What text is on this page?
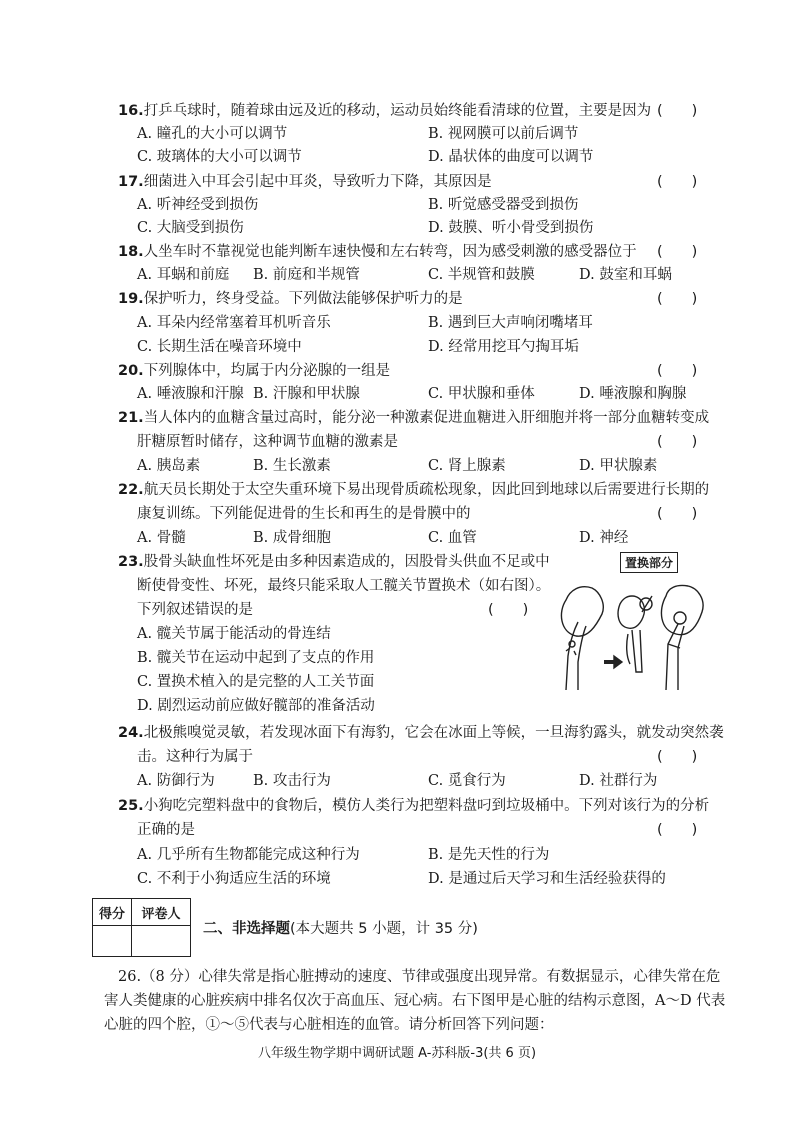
16.打乒乓球时，随着球由远及近的移动，运动员始终能看清球的位置，主要是因为 (　　)
A. 瞳孔的大小可以调节	B. 视网膜可以前后调节
C. 玻璃体的大小可以调节	D. 晶状体的曲度可以调节
17.细菌进入中耳会引起中耳炎，导致听力下降，其原因是	(　　)
A. 听神经受到损伤	B. 听觉感受器受到损伤
C. 大脑受到损伤	D. 鼓膜、听小骨受到损伤
18.人坐车时不靠视觉也能判断车速快慢和左右转弯，因为感受刺激的感受器位于	(　　)
A. 耳蜗和前庭 B. 前庭和半规管	C. 半规管和鼓膜	D. 鼓室和耳蜗
19.保护听力，终身受益。下列做法能够保护听力的是	(　　)
A. 耳朵内经常塞着耳机听音乐	B. 遇到巨大声响闭嘴堵耳
C. 长期生活在噪音环境中	D. 经常用挖耳勺掏耳垢
20.下列腺体中，均属于内分泌腺的一组是	(　　)
A. 唾液腺和汗腺 B. 汗腺和甲状腺	C. 甲状腺和垂体	D. 唾液腺和胸腺
21.当人体内的血糖含量过高时，能分泌一种激素促进血糖进入肝细胞并将一部分血糖转变成
肝糖原暂时储存，这种调节血糖的激素是	(　　)
A. 胰岛素	B. 生长激素	C. 肾上腺素	D. 甲状腺素
22.航天员长期处于太空失重环境下易出现骨质疏松现象，因此回到地球以后需要进行长期的
康复训练。下列能促进骨的生长和再生的是骨膜中的	(　　)
A. 骨髓	B. 成骨细胞	C. 血管	D. 神经
23.股骨头缺血性坏死是由多种因素造成的，因股骨头供血不足或中
断使骨变性、坏死，最终只能采取人工髋关节置换术（如右图）。
下列叙述错误的是	(　　)
A. 髋关节属于能活动的骨连结
B. 髋关节在运动中起到了支点的作用
C. 置换术植入的是完整的人工关节面
D. 剧烈运动前应做好髋部的准备活动
置换部分
24.北极熊嗅觉灵敏，若发现冰面下有海豹，它会在冰面上等候，一旦海豹露头，就发动突然袭
击。这种行为属于	(　　)
A. 防御行为	B. 攻击行为	C. 觅食行为	D. 社群行为
25.小狗吃完塑料盘中的食物后，模仿人类行为把塑料盘叼到垃圾桶中。下列对该行为的分析
正确的是	(　　)
A. 几乎所有生物都能完成这种行为	B. 是先天性的行为
C. 不利于小狗适应生活的环境	D. 是通过后天学习和生活经验获得的
得分	评卷人

二、非选择题(本大题共 5 小题，计 35 分)
26.（8 分）心律失常是指心脏搏动的速度、节律或强度出现异常。有数据显示，心律失常在危
害人类健康的心脏疾病中排名仅次于高血压、冠心病。右下图甲是心脏的结构示意图，A～D 代表
心脏的四个腔，①～⑤代表与心脏相连的血管。请分析回答下列问题：
八年级生物学期中调研试题 A-苏科版-3(共 6 页)
